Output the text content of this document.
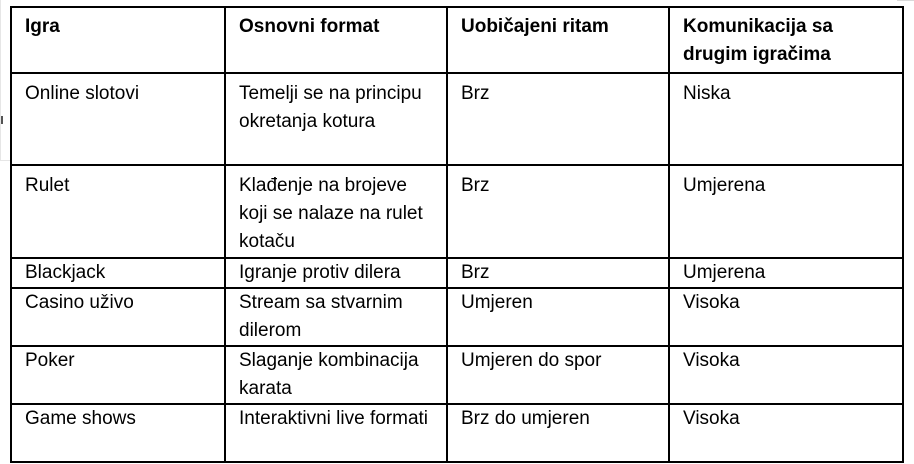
Igra	Osnovni format	Uobičajeni ritam	Komunikacija sa drugim igračima

Online slotovi	Temelji se na principu okretanja kotura	Brz	Niska

Rulet	Klađenje na brojeve koji se nalaze na rulet kotaču	Brz	Umjerena

Blackjack	Igranje protiv dilera	Brz	Umjerena

Casino uživo	Stream sa stvarnim dilerom	Umjeren	Visoka

Poker	Slaganje kombinacija karata	Umjeren do spor	Visoka

Game shows	Interaktivni live formati	Brz do umjeren	Visoka
